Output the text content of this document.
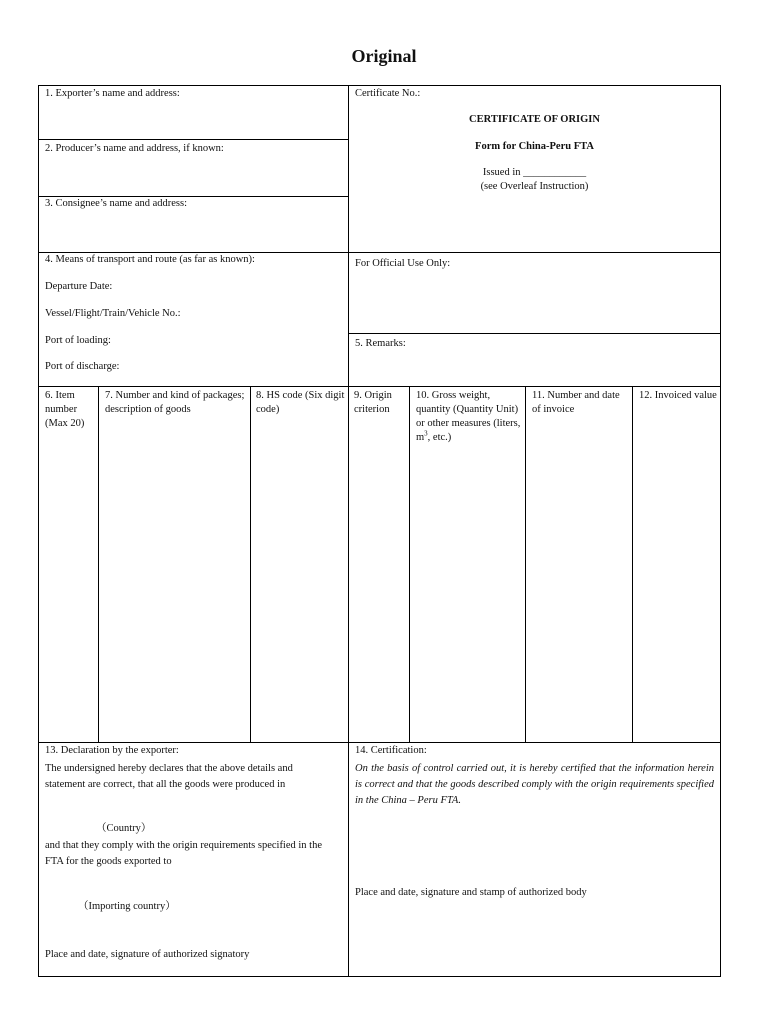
Original
1. Exporter’s name and address:
2. Producer’s name and address, if known:
3. Consignee’s name and address:
Certificate No.:
CERTIFICATE OF ORIGIN
Form for China-Peru FTA
Issued in ____________
(see Overleaf Instruction)
4. Means of transport and route (as far as known):
Departure Date:
Vessel/Flight/Train/Vehicle No.:
Port of loading:
Port of discharge:
For Official Use Only:
5. Remarks:
6. Item number (Max 20)
7. Number and kind of packages; description of goods
8. HS code (Six digit code)
9. Origin criterion
10. Gross weight, quantity (Quantity Unit) or other measures (liters, $m^3$, etc.)
11. Number and date of invoice
12. Invoiced value
13. Declaration by the exporter:
The undersigned hereby declares that the above details and statement are correct, that all the goods were produced in
（Country）
and that they comply with the origin requirements specified in the FTA for the goods exported to
（Importing country）
Place and date, signature of authorized signatory
14. Certification:
On the basis of control carried out, it is hereby certified that the information herein is correct and that the goods described comply with the origin requirements specified in the China – Peru FTA.
Place and date, signature and stamp of authorized body
